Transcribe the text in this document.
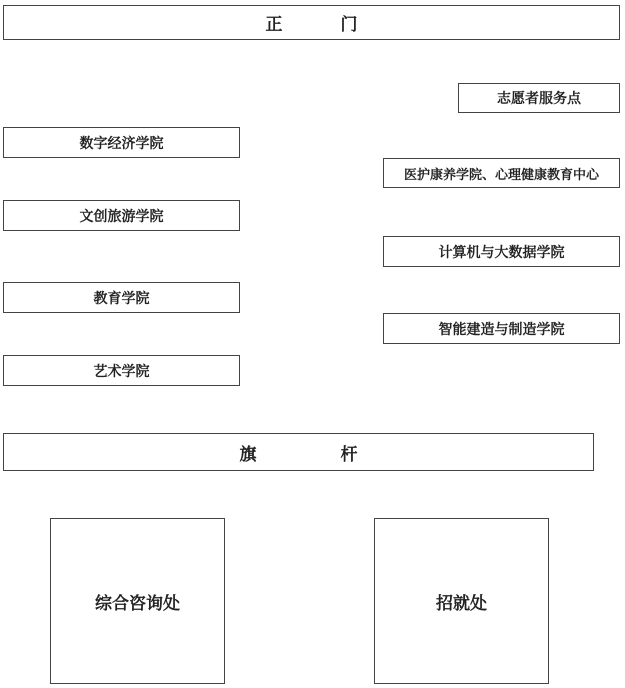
正	门
志愿者服务点
医护康养学院、心理健康教育中心
计算机与大数据学院
智能建造与制造学院
数字经济学院
文创旅游学院
教育学院
艺术学院
旗	杆
综合咨询处	招就处
